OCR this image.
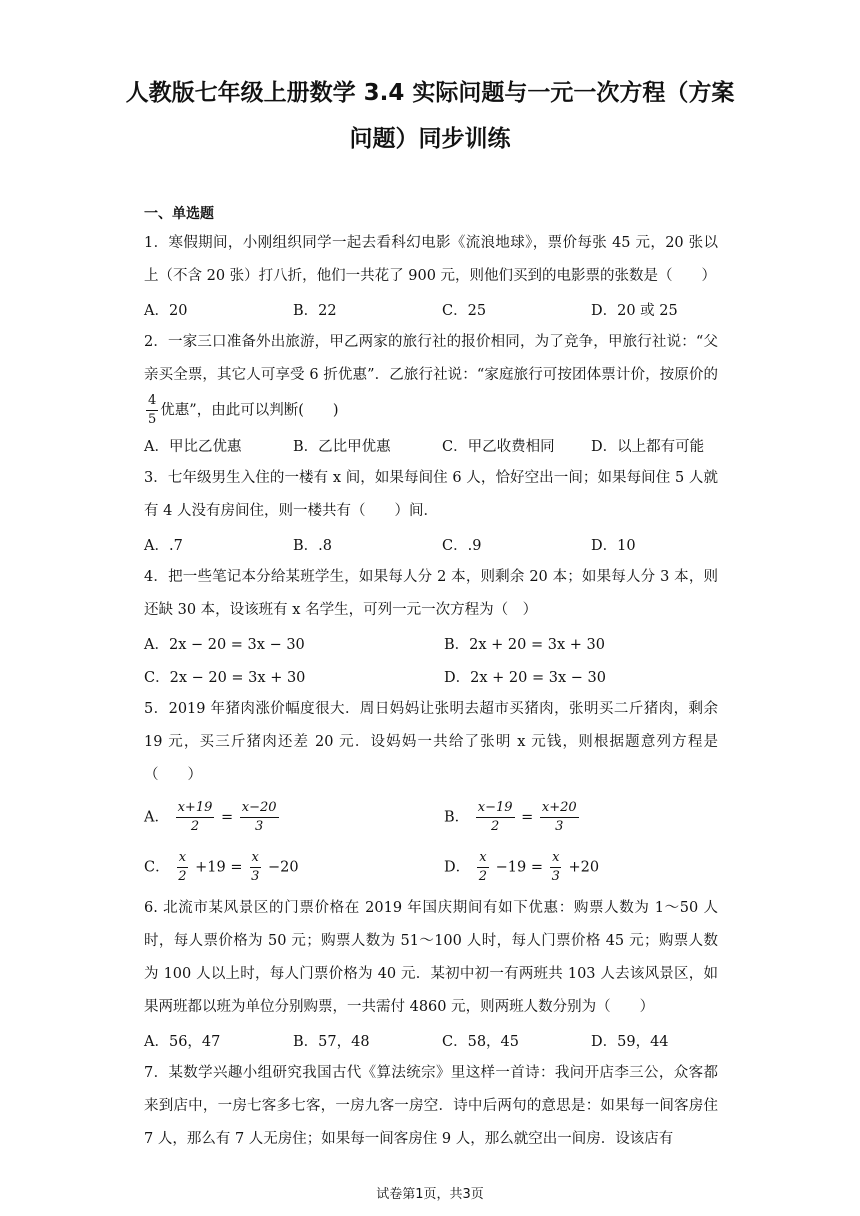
人教版七年级上册数学 3.4 实际问题与一元一次方程（方案
问题）同步训练
一、单选题

1．寒假期间，小刚组织同学一起去看科幻电影《流浪地球》，票价每张 45 元，20 张以上（不含 20 张）打八折，他们一共花了 900 元，则他们买到的电影票的张数是（　　）

A．20	B．22	C．25	D．20 或 25

2．一家三口准备外出旅游，甲乙两家的旅行社的报价相同，为了竞争，甲旅行社说：“父亲买全票，其它人可享受 6 折优惠”．乙旅行社说：“家庭旅行可按团体票计价，按原价的
$\frac{4}{5}$ 优惠”，由此可以判断(　　)

A．甲比乙优惠	B．乙比甲优惠	C．甲乙收费相同	D．以上都有可能

3．七年级男生入住的一楼有 x 间，如果每间住 6 人，恰好空出一间；如果每间住 5 人就有 4 人没有房间住，则一楼共有（　　）间．

A．.7	B．.8	C．.9	D．10

4．把一些笔记本分给某班学生，如果每人分 2 本，则剩余 20 本；如果每人分 3 本，则还缺 30 本，设该班有 x 名学生，可列一元一次方程为（　）

A．2x − 20 = 3x − 30	B．2x + 20 = 3x + 30
C．2x − 20 = 3x + 30	D．2x + 20 = 3x − 30

5．2019 年猪肉涨价幅度很大．周日妈妈让张明去超市买猪肉，张明买二斤猪肉，剩余 19 元，买三斤猪肉还差 20 元．设妈妈一共给了张明 x 元钱，则根据题意列方程是（　　）

A． $\frac{x+19}{2} = \frac{x-20}{3}$	B． $\frac{x-19}{2} = \frac{x+20}{3}$
C． $\frac{x}{2} +19 = \frac{x}{3} -20$	D． $\frac{x}{2} -19 = \frac{x}{3} +20$

6. 北流市某风景区的门票价格在 2019 年国庆期间有如下优惠：购票人数为 1～50 人时，每人票价格为 50 元；购票人数为 51～100 人时，每人门票价格 45 元；购票人数为 100 人以上时，每人门票价格为 40 元．某初中初一有两班共 103 人去该风景区，如果两班都以班为单位分别购票，一共需付 4860 元，则两班人数分别为（　　）

A．56，47	B．57，48	C．58，45	D．59，44

7．某数学兴趣小组研究我国古代《算法统宗》里这样一首诗：我问开店李三公，众客都来到店中，一房七客多七客，一房九客一房空．诗中后两句的意思是：如果每一间客房住 7 人，那么有 7 人无房住；如果每一间客房住 9 人，那么就空出一间房．设该店有

试卷第1页，共3页
